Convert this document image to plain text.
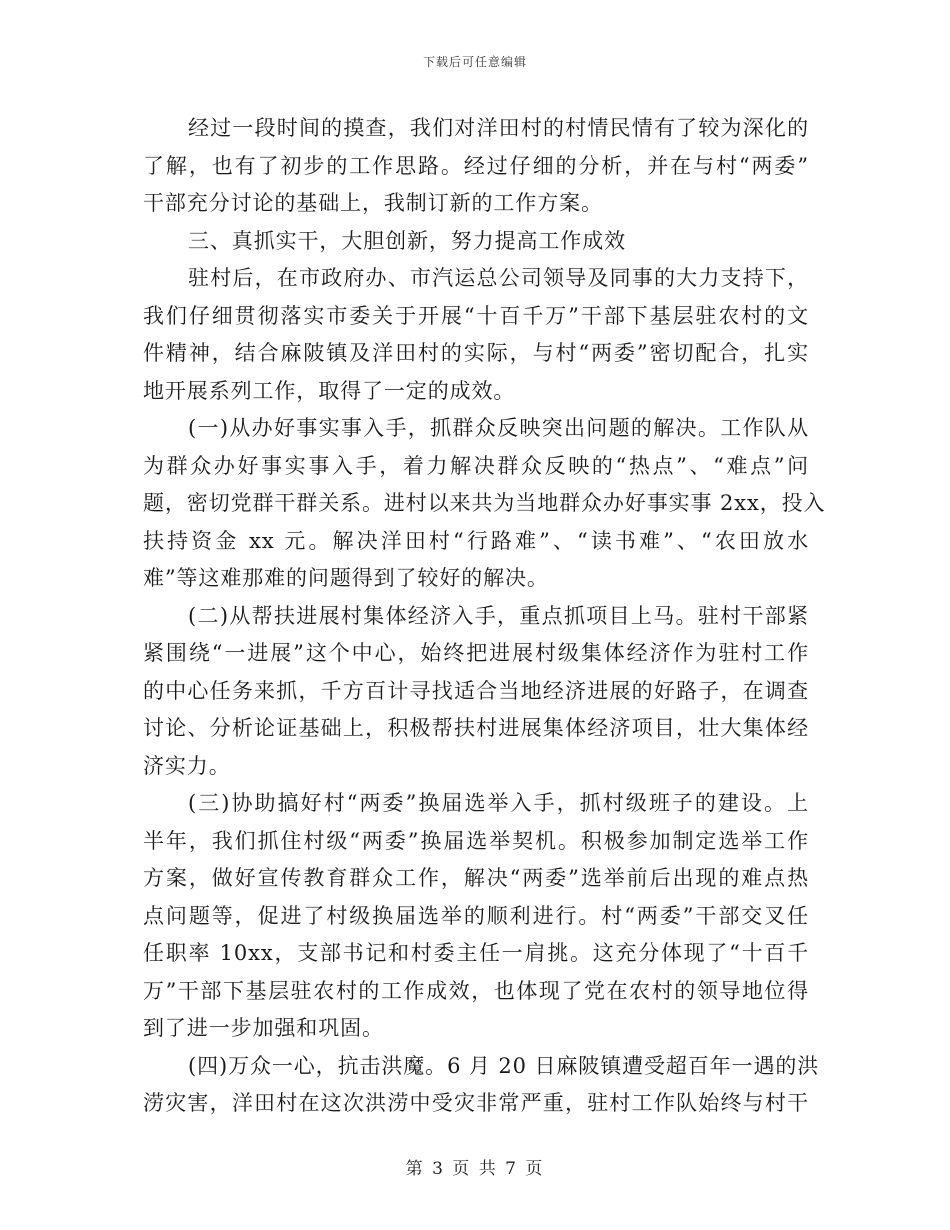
下载后可任意编辑
经过一段时间的摸查，我们对洋田村的村情民情有了较为深化的
了解，也有了初步的工作思路。经过仔细的分析，并在与村“两委”
干部充分讨论的基础上，我制订新的工作方案。
三、真抓实干，大胆创新，努力提高工作成效
驻村后，在市政府办、市汽运总公司领导及同事的大力支持下，
我们仔细贯彻落实市委关于开展“十百千万”干部下基层驻农村的文
件精神，结合麻陂镇及洋田村的实际，与村“两委”密切配合，扎实
地开展系列工作，取得了一定的成效。
(一)从办好事实事入手，抓群众反映突出问题的解决。工作队从
为群众办好事实事入手，着力解决群众反映的“热点”、“难点”问
题，密切党群干群关系。进村以来共为当地群众办好事实事 2xx，投入
扶持资金 xx 元。解决洋田村“行路难”、“读书难”、“农田放水
难”等这难那难的问题得到了较好的解决。
(二)从帮扶进展村集体经济入手，重点抓项目上马。驻村干部紧
紧围绕“一进展”这个中心，始终把进展村级集体经济作为驻村工作
的中心任务来抓，千方百计寻找适合当地经济进展的好路子，在调查
讨论、分析论证基础上，积极帮扶村进展集体经济项目，壮大集体经
济实力。
(三)协助搞好村“两委”换届选举入手，抓村级班子的建设。上
半年，我们抓住村级“两委”换届选举契机。积极参加制定选举工作
方案，做好宣传教育群众工作，解决“两委”选举前后出现的难点热
点问题等，促进了村级换届选举的顺利进行。村“两委”干部交叉任
任职率 10xx，支部书记和村委主任一肩挑。这充分体现了“十百千
万”干部下基层驻农村的工作成效，也体现了党在农村的领导地位得
到了进一步加强和巩固。
(四)万众一心，抗击洪魔。6 月 20 日麻陂镇遭受超百年一遇的洪
涝灾害，洋田村在这次洪涝中受灾非常严重，驻村工作队始终与村干
第 3 页 共 7 页
